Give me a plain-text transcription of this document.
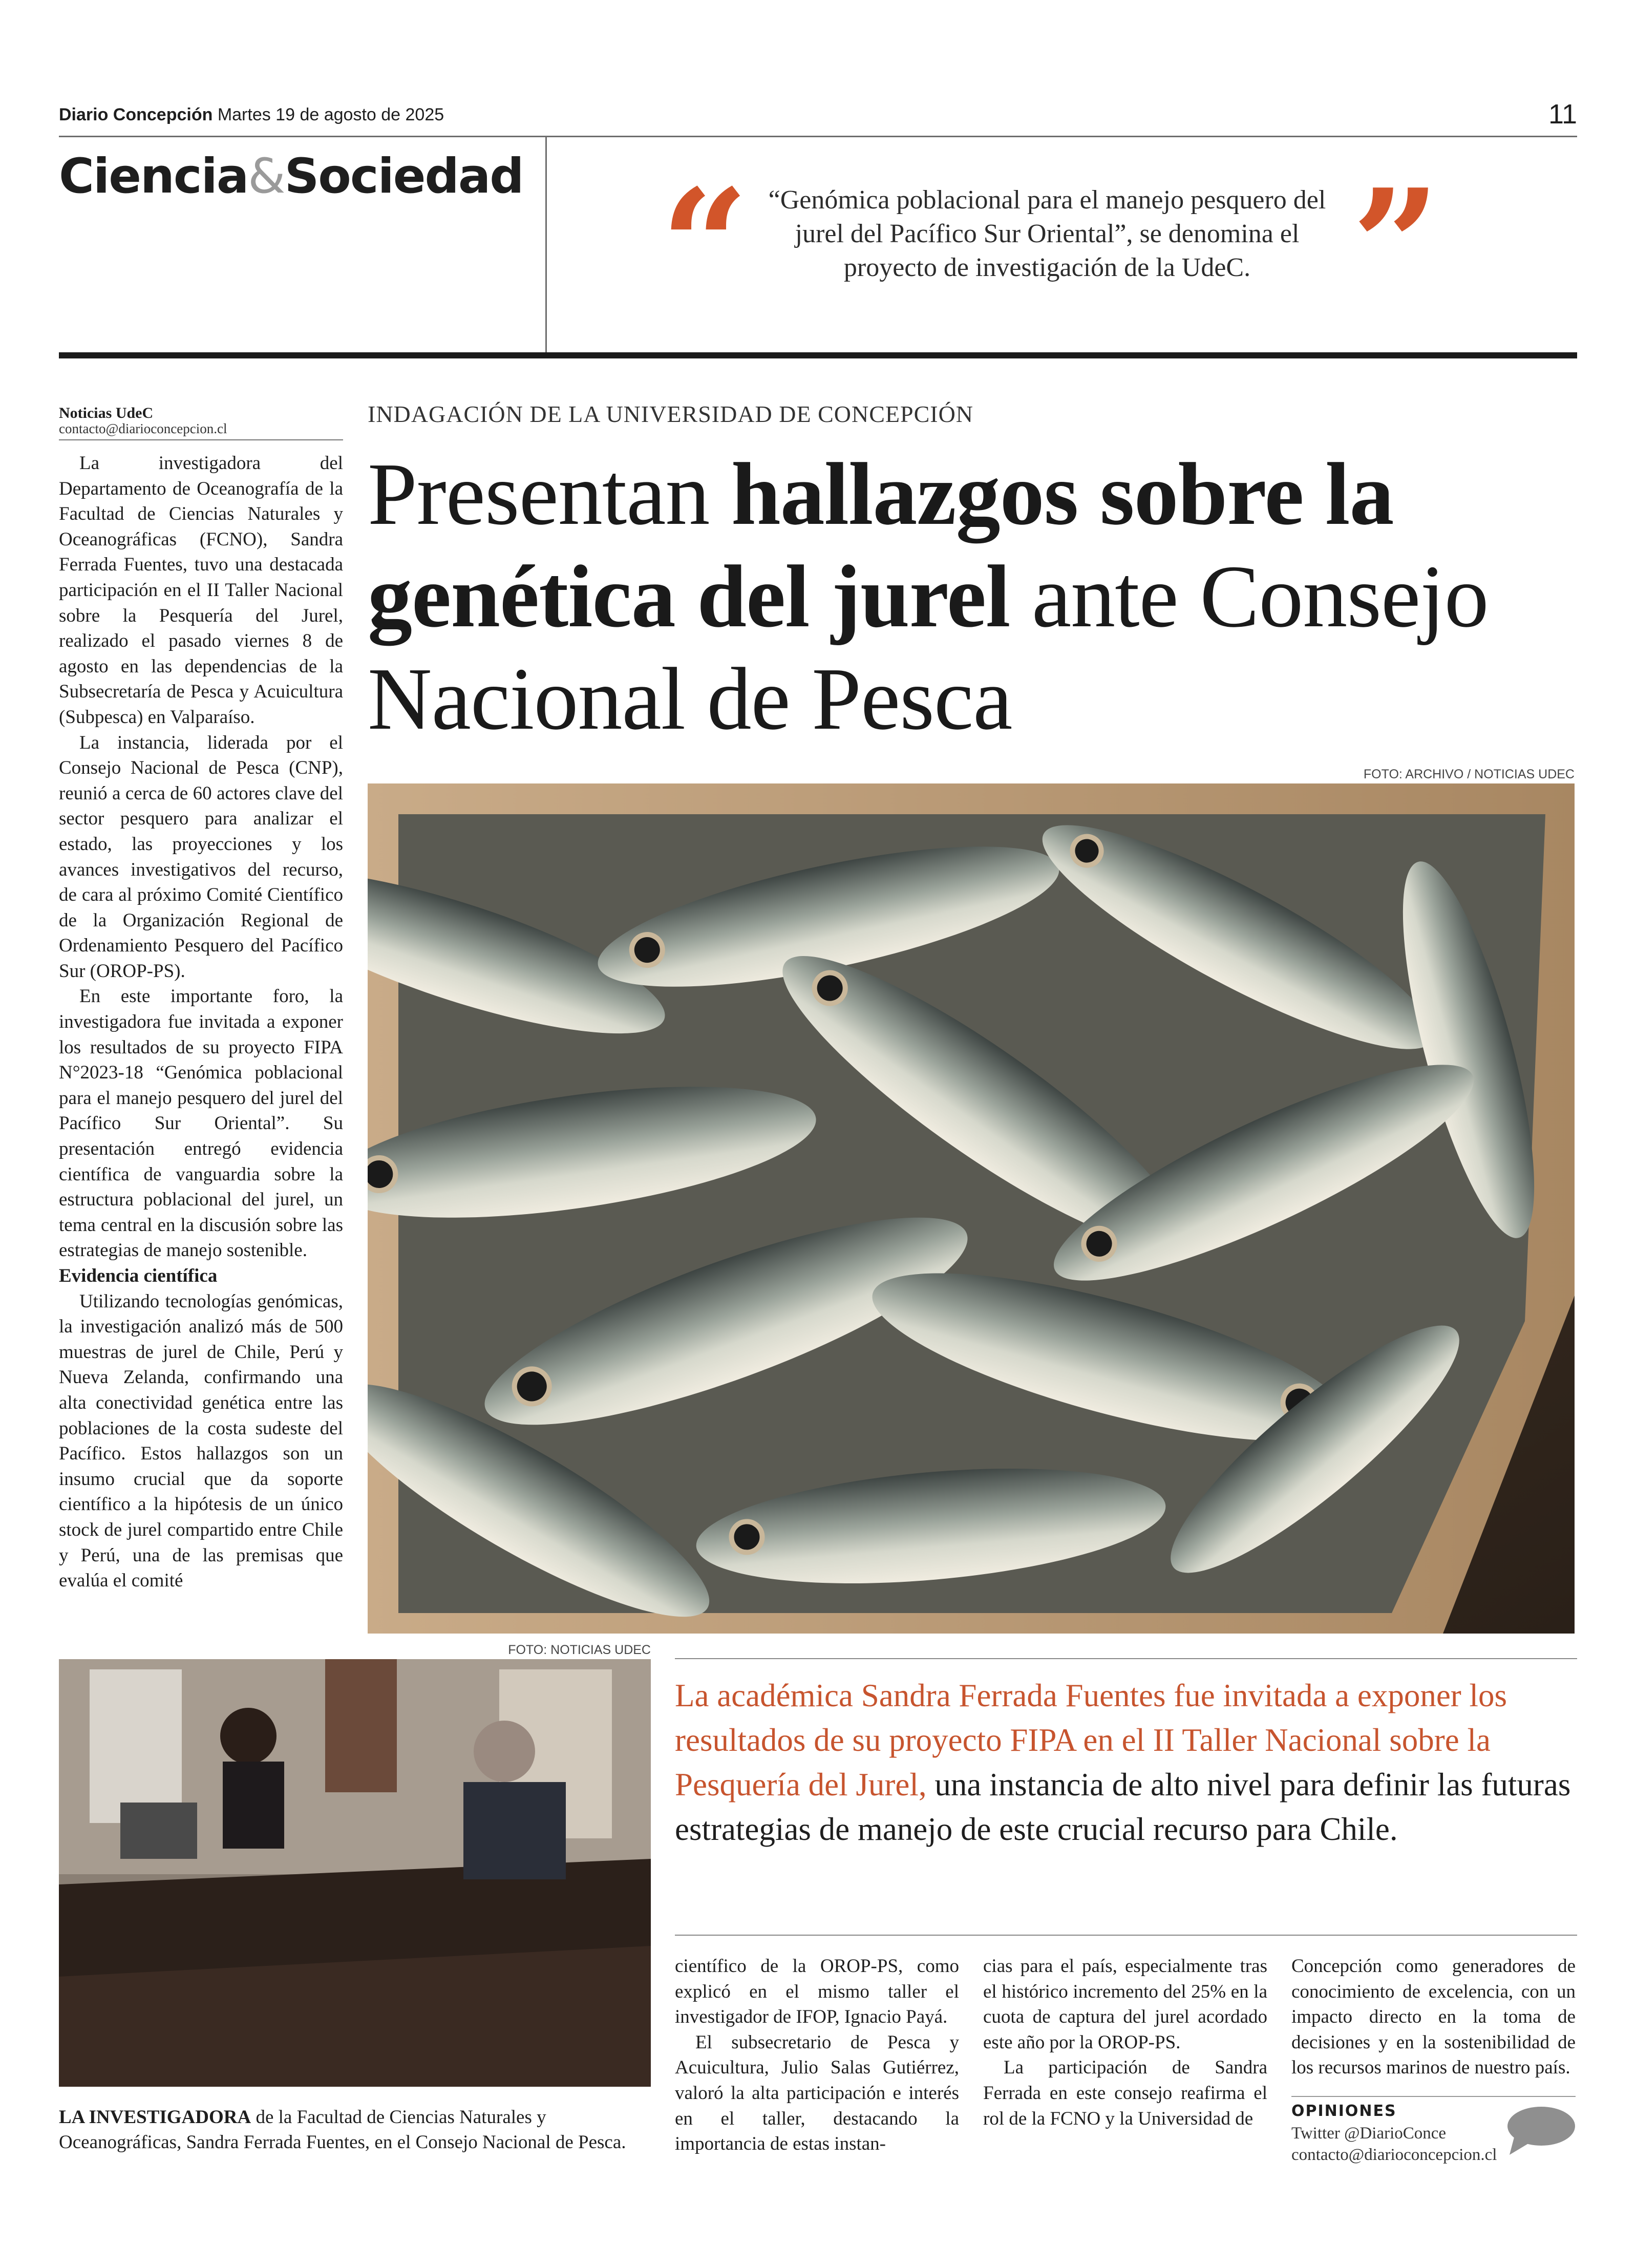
Diario Concepción Martes 19 de agosto de 2025	11
Ciencia&Sociedad “ “Genómica poblacional para el manejo pesquero del jurel del Pacífico Sur Oriental”, se denomina el proyecto de investigación de la UdeC. ”
Noticias UdeC
contacto@diarioconcepcion.cl

La investigadora del Departamento de Oceanografía de la Facultad de Ciencias Naturales y Oceanográficas (FCNO), Sandra Ferrada Fuentes, tuvo una destacada participación en el II Taller Nacional sobre la Pesquería del Jurel, realizado el pasado viernes 8 de agosto en las dependencias de la Subsecretaría de Pesca y Acuicultura (Subpesca) en Valparaíso.

La instancia, liderada por el Consejo Nacional de Pesca (CNP), reunió a cerca de 60 actores clave del sector pesquero para analizar el estado, las proyecciones y los avances investigativos del recurso, de cara al próximo Comité Científico de la Organización Regional de Ordenamiento Pesquero del Pacífico Sur (OROP-PS).

En este importante foro, la investigadora fue invitada a exponer los resultados de su proyecto FIPA N°2023-18 “Genómica poblacional para el manejo pesquero del jurel del Pacífico Sur Oriental”. Su presentación entregó evidencia científica de vanguardia sobre la estructura poblacional del jurel, un tema central en la discusión sobre las estrategias de manejo sostenible.

Evidencia científica

Utilizando tecnologías genómicas, la investigación analizó más de 500 muestras de jurel de Chile, Perú y Nueva Zelanda, confirmando una alta conectividad genética entre las poblaciones de la costa sudeste del Pacífico. Estos hallazgos son un insumo crucial que da soporte científico a la hipótesis de un único stock de jurel compartido entre Chile y Perú, una de las premisas que evalúa el comité

INDAGACIÓN DE LA UNIVERSIDAD DE CONCEPCIÓN
Presentan hallazgos sobre la genética del jurel ante Consejo Nacional de Pesca
FOTO: ARCHIVO / NOTICIAS UDEC
FOTO: NOTICIAS UDEC
LA INVESTIGADORA de la Facultad de Ciencias Naturales y Oceanográficas, Sandra Ferrada Fuentes, en el Consejo Nacional de Pesca.
La académica Sandra Ferrada Fuentes fue invitada a exponer los resultados de su proyecto FIPA en el II Taller Nacional sobre la Pesquería del Jurel, una instancia de alto nivel para definir las futuras estrategias de manejo de este crucial recurso para Chile.

científico de la OROP-PS, como explicó en el mismo taller el investigador de IFOP, Ignacio Payá.

El subsecretario de Pesca y Acuicultura, Julio Salas Gutiérrez, valoró la alta participación e interés en el taller, destacando la importancia de estas instan-

cias para el país, especialmente tras el histórico incremento del 25% en la cuota de captura del jurel acordado este año por la OROP-PS.

La participación de Sandra Ferrada en este consejo reafirma el rol de la FCNO y la Universidad de

Concepción como generadores de conocimiento de excelencia, con un impacto directo en la toma de decisiones y en la sostenibilidad de los recursos marinos de nuestro país.

OPINIONES
Twitter @DiarioConce
contacto@diarioconcepcion.cl
